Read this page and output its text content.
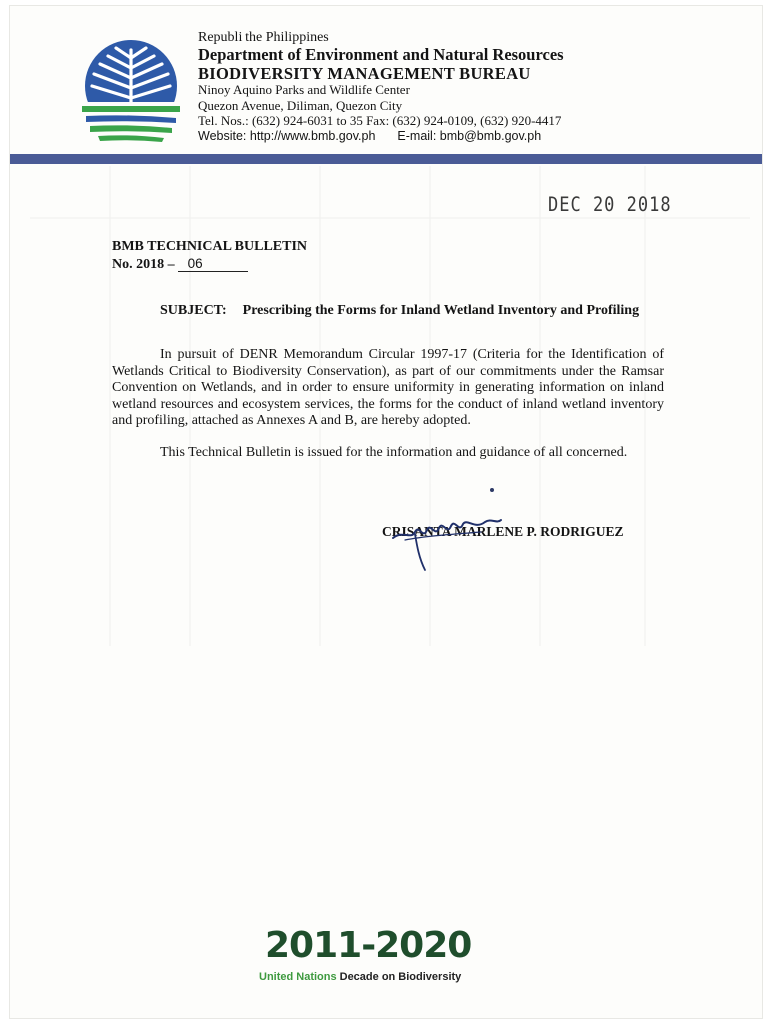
Republi the Philippines
Department of Environment and Natural Resources
BIODIVERSITY MANAGEMENT BUREAU
Ninoy Aquino Parks and Wildlife Center
Quezon Avenue, Diliman, Quezon City
Tel. Nos.: (632) 924-6031 to 35 Fax: (632) 924-0109, (632) 920-4417
Website: http://www.bmb.gov.ph E-mail: bmb@bmb.gov.ph
DEC 20 2018
BMB TECHNICAL BULLETIN
No. 2018 – 06
SUBJECT: Prescribing the Forms for Inland Wetland Inventory and Profiling
In pursuit of DENR Memorandum Circular 1997-17 (Criteria for the Identification of Wetlands Critical to Biodiversity Conservation), as part of our commitments under the Ramsar Convention on Wetlands, and in order to ensure uniformity in generating information on inland wetland resources and ecosystem services, the forms for the conduct of inland wetland inventory and profiling, attached as Annexes A and B, are hereby adopted.
This Technical Bulletin is issued for the information and guidance of all concerned.
CRISANTA MARLENE P. RODRIGUEZ
2011-2020
United Nations Decade on Biodiversity
